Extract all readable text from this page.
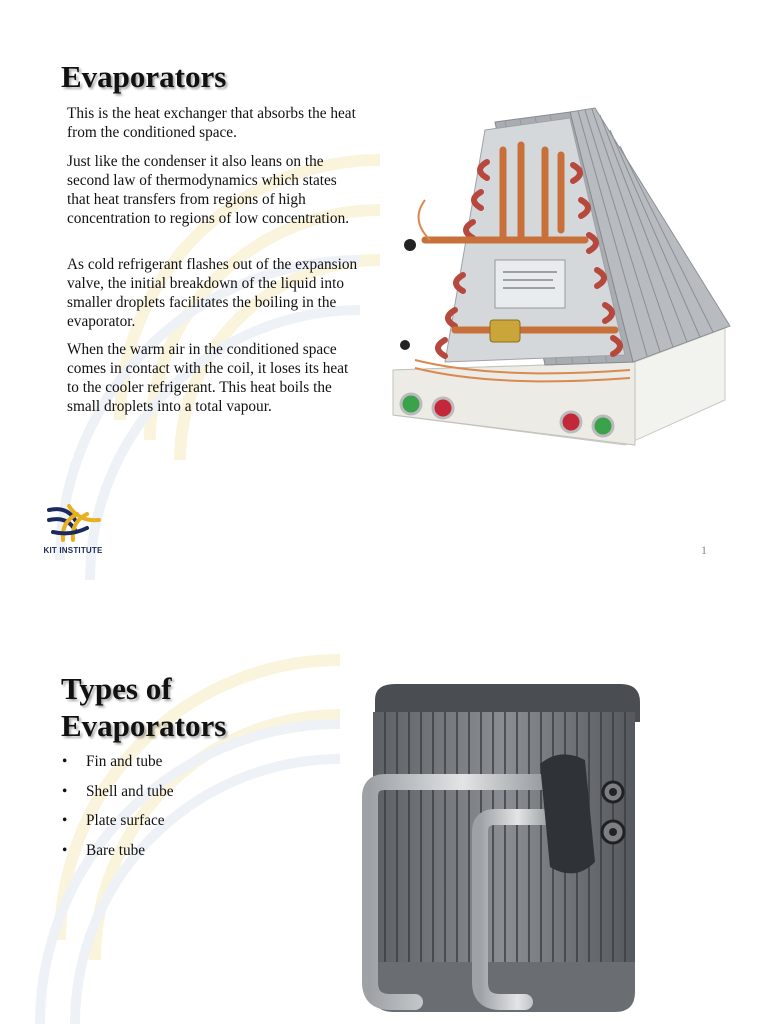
Evaporators

This is the heat exchanger that absorbs the heat from the conditioned space.

Just like the condenser it also leans on the second law of thermodynamics which states that heat transfers from regions of high concentration to regions of low concentration.

As cold refrigerant flashes out of the expansion valve, the initial breakdown of the liquid into smaller droplets facilitates the boiling in the evaporator.

When the warm air in the conditioned space comes in contact with the coil, it loses its heat to the cooler refrigerant. This heat boils the small droplets into a total vapour.

KIT INSTITUTE	1
Types of Evaporators
• Fin and tube
• Shell and tube
• Plate surface
• Bare tube
